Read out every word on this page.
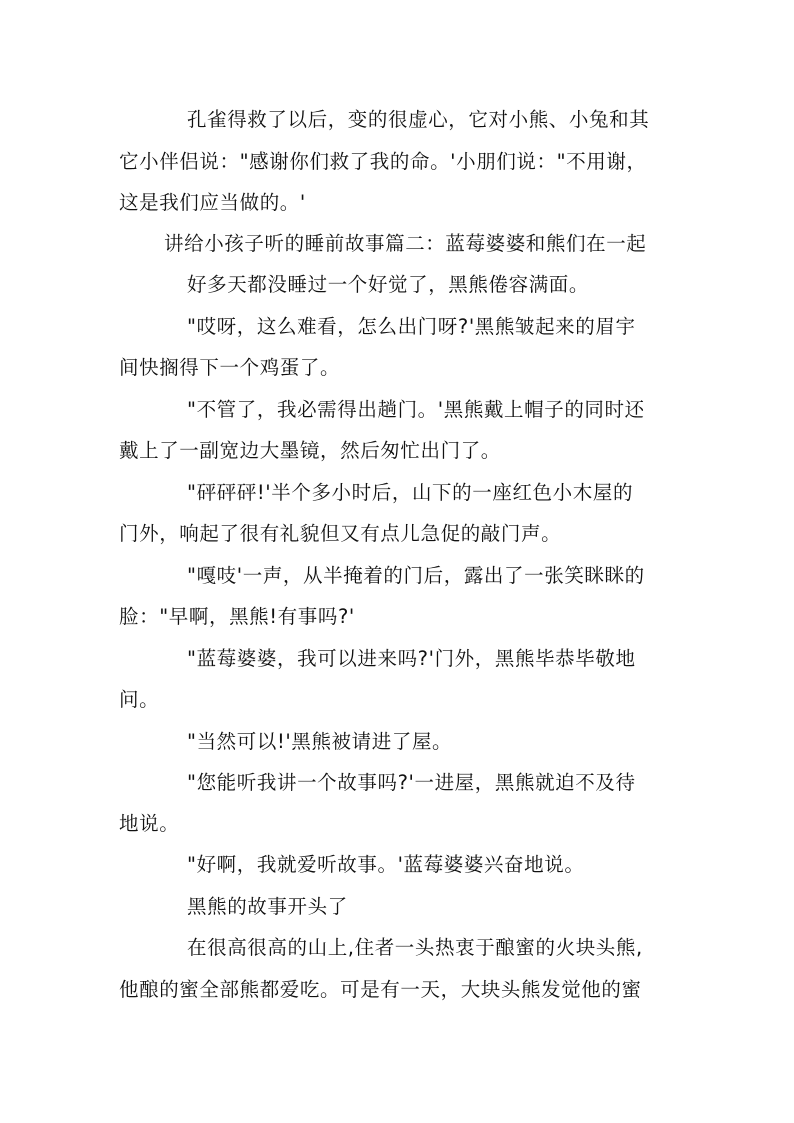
孔雀得救了以后，变的很虚心，它对小熊、小兔和其
它小伴侣说："感谢你们救了我的命。'小朋们说："不用谢，
这是我们应当做的。'
讲给小孩子听的睡前故事篇二：蓝莓婆婆和熊们在一起
好多天都没睡过一个好觉了，黑熊倦容满面。
"哎呀，这么难看，怎么出门呀?'黑熊皱起来的眉宇
间快搁得下一个鸡蛋了。
"不管了，我必需得出趟门。'黑熊戴上帽子的同时还
戴上了一副宽边大墨镜，然后匆忙出门了。
"砰砰砰!'半个多小时后，山下的一座红色小木屋的
门外，响起了很有礼貌但又有点儿急促的敲门声。
"嘎吱'一声，从半掩着的门后，露出了一张笑眯眯的
脸："早啊，黑熊!有事吗?'
"蓝莓婆婆，我可以进来吗?'门外，黑熊毕恭毕敬地
问。
"当然可以!'黑熊被请进了屋。
"您能听我讲一个故事吗?'一进屋，黑熊就迫不及待
地说。
"好啊，我就爱听故事。'蓝莓婆婆兴奋地说。
黑熊的故事开头了
在很高很高的山上,住者一头热衷于酿蜜的火块头熊,
他酿的蜜全部熊都爱吃。可是有一天，大块头熊发觉他的蜜
